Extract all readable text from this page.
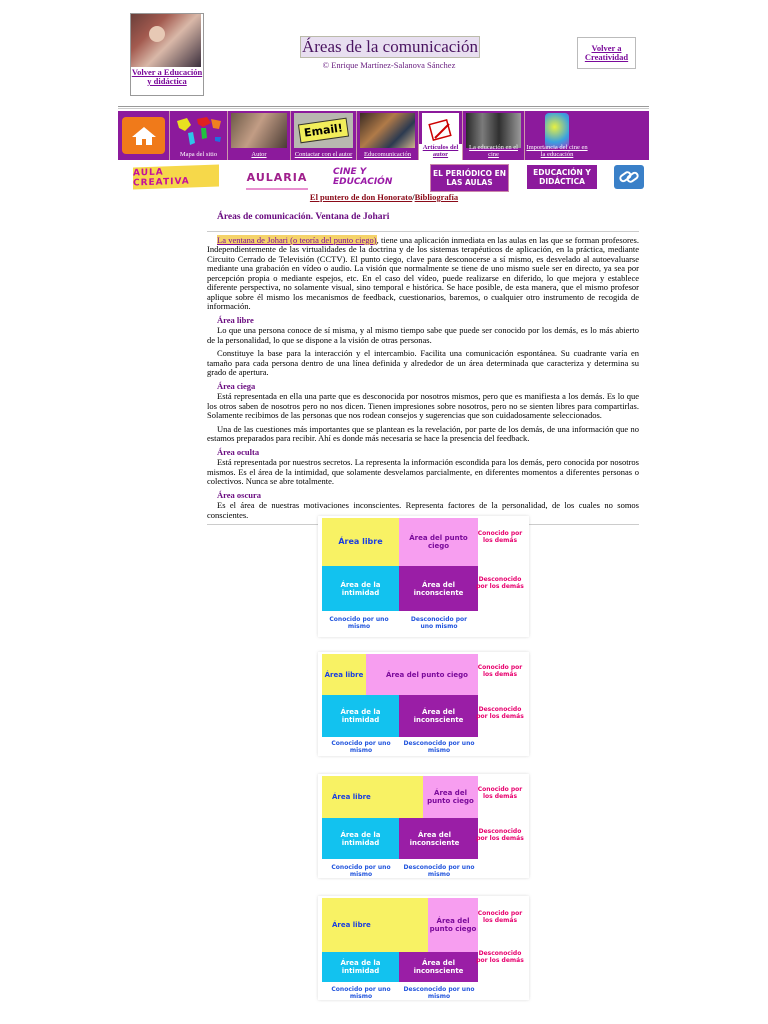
Volver a Educación y didáctica
Áreas de la comunicación
© Enrique Martínez-Salanova Sánchez
Volver a Creatividad
Mapa del sitio	Autor
Email!
Contactar con el autor Educomunicación
Artículos del autor
La educación en el cine
Importancia del cine en la educación
AULA CREATIVA	AULARIA	CINE Y EDUCACIÓN
EL PERIÓDICO EN LAS AULAS
EDUCACIÓN Y DIDÁCTICA
El puntero de don Honorato/Bibliografía
Áreas de comunicación. Ventana de Johari
La ventana de Johari (o teoría del punto ciego), tiene una aplicación inmediata en las aulas en las que se forman profesores. Independientemente de las virtualidades de la doctrina y de los sistemas terapéuticos de aplicación, en la práctica, mediante Circuito Cerrado de Televisión (CCTV). El punto ciego, clave para desconocerse a sí mismo, es desvelado al autoevaluarse mediante una grabación en vídeo o audio. La visión que normalmente se tiene de uno mismo suele ser en directo, ya sea por percepción propia o mediante espejos, etc. En el caso del vídeo, puede realizarse en diferido, lo que mejora y establece diferente perspectiva, no solamente visual, sino temporal e histórica. Se hace posible, de esta manera, que el mismo profesor aplique sobre él mismo los mecanismos de feedback, cuestionarios, baremos, o cualquier otro instrumento de recogida de información.
Área libre
Lo que una persona conoce de sí misma, y al mismo tiempo sabe que puede ser conocido por los demás, es lo más abierto de la personalidad, lo que se dispone a la visión de otras personas.
Constituye la base para la interacción y el intercambio. Facilita una comunicación espontánea. Su cuadrante varía en tamaño para cada persona dentro de una línea definida y alrededor de un área determinada que caracteriza y determina su grado de apertura.
Área ciega
Está representada en ella una parte que es desconocida por nosotros mismos, pero que es manifiesta a los demás. Es lo que los otros saben de nosotros pero no nos dicen. Tienen impresiones sobre nosotros, pero no se sienten libres para compartirlas. Solamente recibimos de las personas que nos rodean consejos y sugerencias que son cuidadosamente seleccionados.
Una de las cuestiones más importantes que se plantean es la revelación, por parte de los demás, de una información que no estamos preparados para recibir. Ahí es donde más necesaria se hace la presencia del feedback.
Área oculta
Está representada por nuestros secretos. La representa la información escondida para los demás, pero conocida por nosotros mismos. Es el área de la intimidad, que solamente desvelamos parcialmente, en diferentes momentos a diferentes personas o colectivos. Nunca se abre totalmente.
Área oscura
Es el área de nuestras motivaciones inconscientes. Representa factores de la personalidad, de los cuales no somos conscientes.
Área libre	Área del punto ciego
Área de la intimidad
Área del inconsciente
Conocido por los demás
Desconocido por los demás
Conocido por uno mismo
Desconocido por uno mismo
Área libre	Área del punto ciego
Área de la intimidad
Área del inconsciente
Conocido por los demás
Desconocido por los demás
Conocido por uno mismo
Desconocido por uno mismo
Área libre	Área del punto ciego
Área de la intimidad
Área del inconsciente
Conocido por los demás
Desconocido por los demás
Conocido por uno mismo
Desconocido por uno mismo
Área libre	Área del punto ciego
Área de la intimidad
Área del inconsciente
Conocido por los demás
Desconocido por los demás
Conocido por uno mismo
Desconocido por uno mismo
